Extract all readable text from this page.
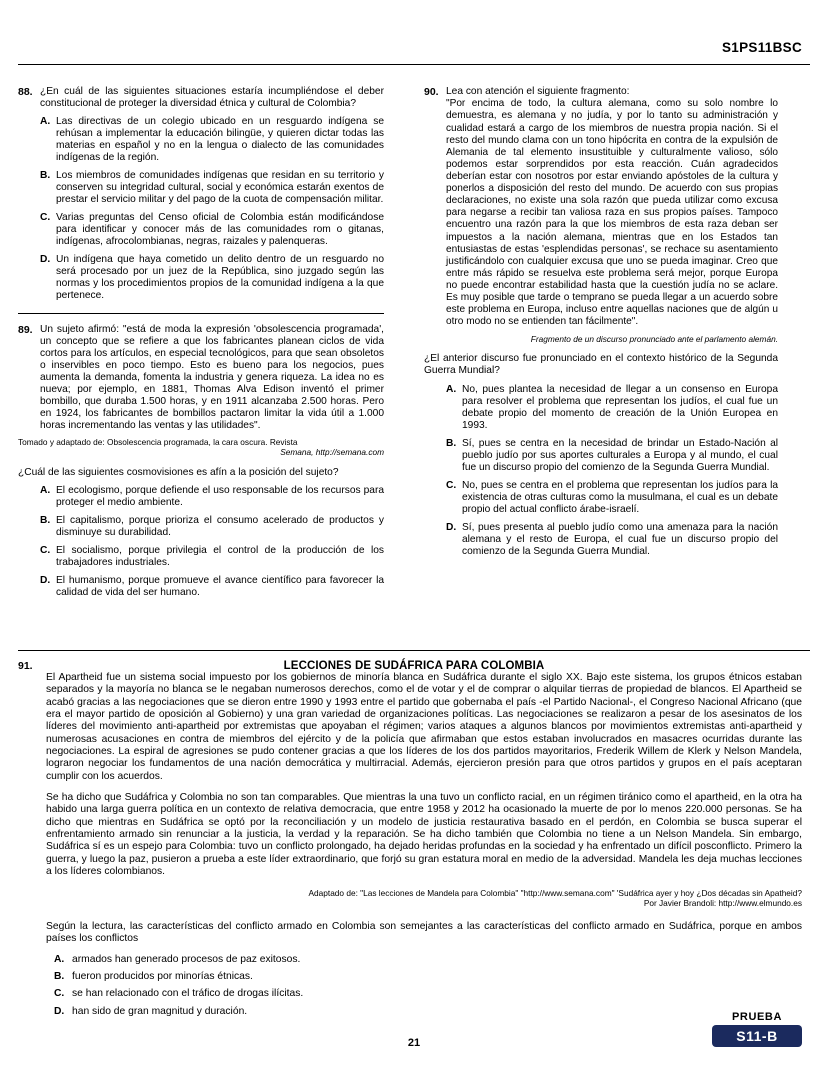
S1PS11BSC
88. ¿En cuál de las siguientes situaciones estaría incumpliéndose el deber constitucional de proteger la diversidad étnica y cultural de Colombia?
A. Las directivas de un colegio ubicado en un resguardo indígena se rehúsan a implementar la educación bilingüe, y quieren dictar todas las materias en español y no en la lengua o dialecto de las comunidades indígenas de la región.
B. Los miembros de comunidades indígenas que residan en su territorio y conserven su integridad cultural, social y económica estarán exentos de prestar el servicio militar y del pago de la cuota de compensación militar.
C. Varias preguntas del Censo oficial de Colombia están modificándose para identificar y conocer más de las comunidades rom o gitanas, indígenas, afrocolombianas, negras, raizales y palenqueras.
D. Un indígena que haya cometido un delito dentro de un resguardo no será procesado por un juez de la República, sino juzgado según las normas y los procedimientos propios de la comunidad indígena a la que pertenece.
89. Un sujeto afirmó: "está de moda la expresión 'obsolescencia programada', un concepto que se refiere a que los fabricantes planean ciclos de vida cortos para los artículos, en especial tecnológicos, para que sean obsoletos o inservibles en poco tiempo. Esto es bueno para los negocios, pues aumenta la demanda, fomenta la industria y genera riqueza. La idea no es nueva; por ejemplo, en 1881, Thomas Alva Edison inventó el primer bombillo, que duraba 1.500 horas, y en 1911 alcanzaba 2.500 horas. Pero en 1924, los fabricantes de bombillos pactaron limitar la vida útil a 1.000 horas incrementando las ventas y las utilidades".
Tomado y adaptado de: Obsolescencia programada, la cara oscura. Revista
Semana, http://semana.com
¿Cuál de las siguientes cosmovisiones es afín a la posición del sujeto?
A. El ecologismo, porque defiende el uso responsable de los recursos para proteger el medio ambiente.
B. El capitalismo, porque prioriza el consumo acelerado de productos y disminuye su durabilidad.
C. El socialismo, porque privilegia el control de la producción de los trabajadores industriales.
D. El humanismo, porque promueve el avance científico para favorecer la calidad de vida del ser humano.
90. Lea con atención el siguiente fragmento:
"Por encima de todo, la cultura alemana, como su solo nombre lo demuestra, es alemana y no judía, y por lo tanto su administración y cualidad estará a cargo de los miembros de nuestra propia nación. Si el resto del mundo clama con un tono hipócrita en contra de la expulsión de Alemania de tal elemento insustituible y culturalmente valioso, sólo podemos estar sorprendidos por esta reacción. Cuán agradecidos deberían estar con nosotros por estar enviando apóstoles de la cultura y ponerlos a disposición del resto del mundo. De acuerdo con sus propias declaraciones, no existe una sola razón que pueda utilizar como excusa para negarse a recibir tan valiosa raza en sus propios países. Tampoco encuentro una razón para la que los miembros de esta raza deban ser impuestos a la nación alemana, mientras que en los Estados tan entusiastas de estas 'esplendidas personas', se rechace su asentamiento justificándolo con cualquier excusa que uno se pueda imaginar. Creo que entre más rápido se resuelva este problema será mejor, porque Europa no puede encontrar estabilidad hasta que la cuestión judía no se aclare. Es muy posible que tarde o temprano se pueda llegar a un acuerdo sobre este problema en Europa, incluso entre aquellas naciones que de algún u otro modo no se entienden tan fácilmente".
Fragmento de un discurso pronunciado ante el parlamento alemán.
¿El anterior discurso fue pronunciado en el contexto histórico de la Segunda Guerra Mundial?
A. No, pues plantea la necesidad de llegar a un consenso en Europa para resolver el problema que representan los judíos, el cual fue un debate propio del momento de creación de la Unión Europea en 1993.
B. Sí, pues se centra en la necesidad de brindar un Estado-Nación al pueblo judío por sus aportes culturales a Europa y al mundo, el cual fue un discurso propio del comienzo de la Segunda Guerra Mundial.
C. No, pues se centra en el problema que representan los judíos para la existencia de otras culturas como la musulmana, el cual es un debate propio del actual conflicto árabe-israelí.
D. Sí, pues presenta al pueblo judío como una amenaza para la nación alemana y el resto de Europa, el cual fue un discurso propio del comienzo de la Segunda Guerra Mundial.
91.	LECCIONES DE SUDÁFRICA PARA COLOMBIA

El Apartheid fue un sistema social impuesto por los gobiernos de minoría blanca en Sudáfrica durante el siglo XX. Bajo este sistema, los grupos étnicos estaban separados y la mayoría no blanca se le negaban numerosos derechos, como el de votar y el de comprar o alquilar tierras de propiedad de blancos. El Apartheid se acabó gracias a las negociaciones que se dieron entre 1990 y 1993 entre el partido que gobernaba el país -el Partido Nacional-, el Congreso Nacional Africano (que era el mayor partido de oposición al Gobierno) y una gran variedad de organizaciones políticas. Las negociaciones se realizaron a pesar de los asesinatos de los líderes del movimiento anti-apartheid por extremistas que apoyaban el régimen; varios ataques a algunos blancos por movimientos extremistas anti-apartheid y numerosas acusaciones en contra de miembros del ejército y de la policía que afirmaban que estos estaban involucrados en masacres ocurridas durante las negociaciones. La espiral de agresiones se pudo contener gracias a que los líderes de los dos partidos mayoritarios, Frederik Willem de Klerk y Nelson Mandela, lograron negociar los fundamentos de una nación democrática y multirracial. Además, ejercieron presión para que otros partidos y grupos en el país aceptaran cumplir con los acuerdos.

Se ha dicho que Sudáfrica y Colombia no son tan comparables. Que mientras la una tuvo un conflicto racial, en un régimen tiránico como el apartheid, en la otra ha habido una larga guerra política en un contexto de relativa democracia, que entre 1958 y 2012 ha ocasionado la muerte de por lo menos 220.000 personas. Se ha dicho que mientras en Sudáfrica se optó por la reconciliación y un modelo de justicia restaurativa basado en el perdón, en Colombia se busca superar el enfrentamiento armado sin renunciar a la justicia, la verdad y la reparación. Se ha dicho también que Colombia no tiene a un Nelson Mandela. Sin embargo, Sudáfrica sí es un espejo para Colombia: tuvo un conflicto prolongado, ha dejado heridas profundas en la sociedad y ha enfrentado un difícil posconflicto. Primero la guerra, y luego la paz, pusieron a prueba a este líder extraordinario, que forjó su gran estatura moral en medio de la adversidad. Mandela les deja muchas lecciones a los líderes colombianos.

Adaptado de: "Las lecciones de Mandela para Colombia" "http://www.semana.com" 'Sudáfrica ayer y hoy ¿Dos décadas sin Apatheid?
Por Javier Brandoli: http://www.elmundo.es
Según la lectura, las características del conflicto armado en Colombia son semejantes a las características del conflicto armado en Sudáfrica, porque en ambos países los conflictos
A. armados han generado procesos de paz exitosos.
B. fueron producidos por minorías étnicas.
C. se han relacionado con el tráfico de drogas ilícitas.
D. han sido de gran magnitud y duración.	PRUEBA
S11-B
21
